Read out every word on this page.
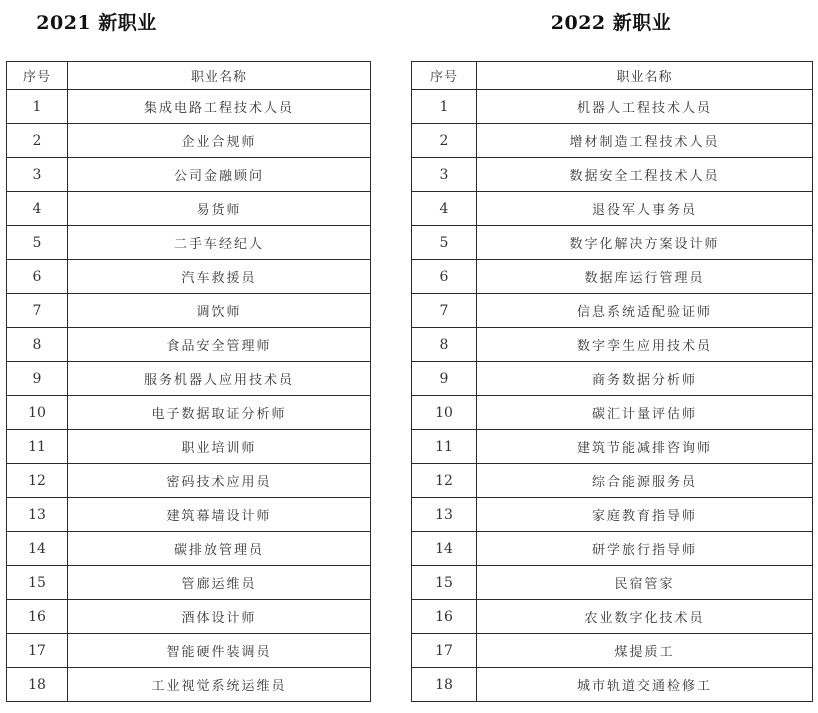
2021 新职业
序号	职业名称
1	集成电路工程技术人员
2	企业合规师
3	公司金融顾问
4	易货师
5	二手车经纪人
6	汽车救援员
7	调饮师
8	食品安全管理师
9	服务机器人应用技术员
10	电子数据取证分析师
11	职业培训师
12	密码技术应用员
13	建筑幕墙设计师
14	碳排放管理员
15	管廊运维员
16	酒体设计师
17	智能硬件装调员
18	工业视觉系统运维员
2022 新职业
序号	职业名称
1	机器人工程技术人员
2	增材制造工程技术人员
3	数据安全工程技术人员
4	退役军人事务员
5	数字化解决方案设计师
6	数据库运行管理员
7	信息系统适配验证师
8	数字孪生应用技术员
9	商务数据分析师
10	碳汇计量评估师
11	建筑节能减排咨询师
12	综合能源服务员
13	家庭教育指导师
14	研学旅行指导师
15	民宿管家
16	农业数字化技术员
17	煤提质工
18	城市轨道交通检修工
